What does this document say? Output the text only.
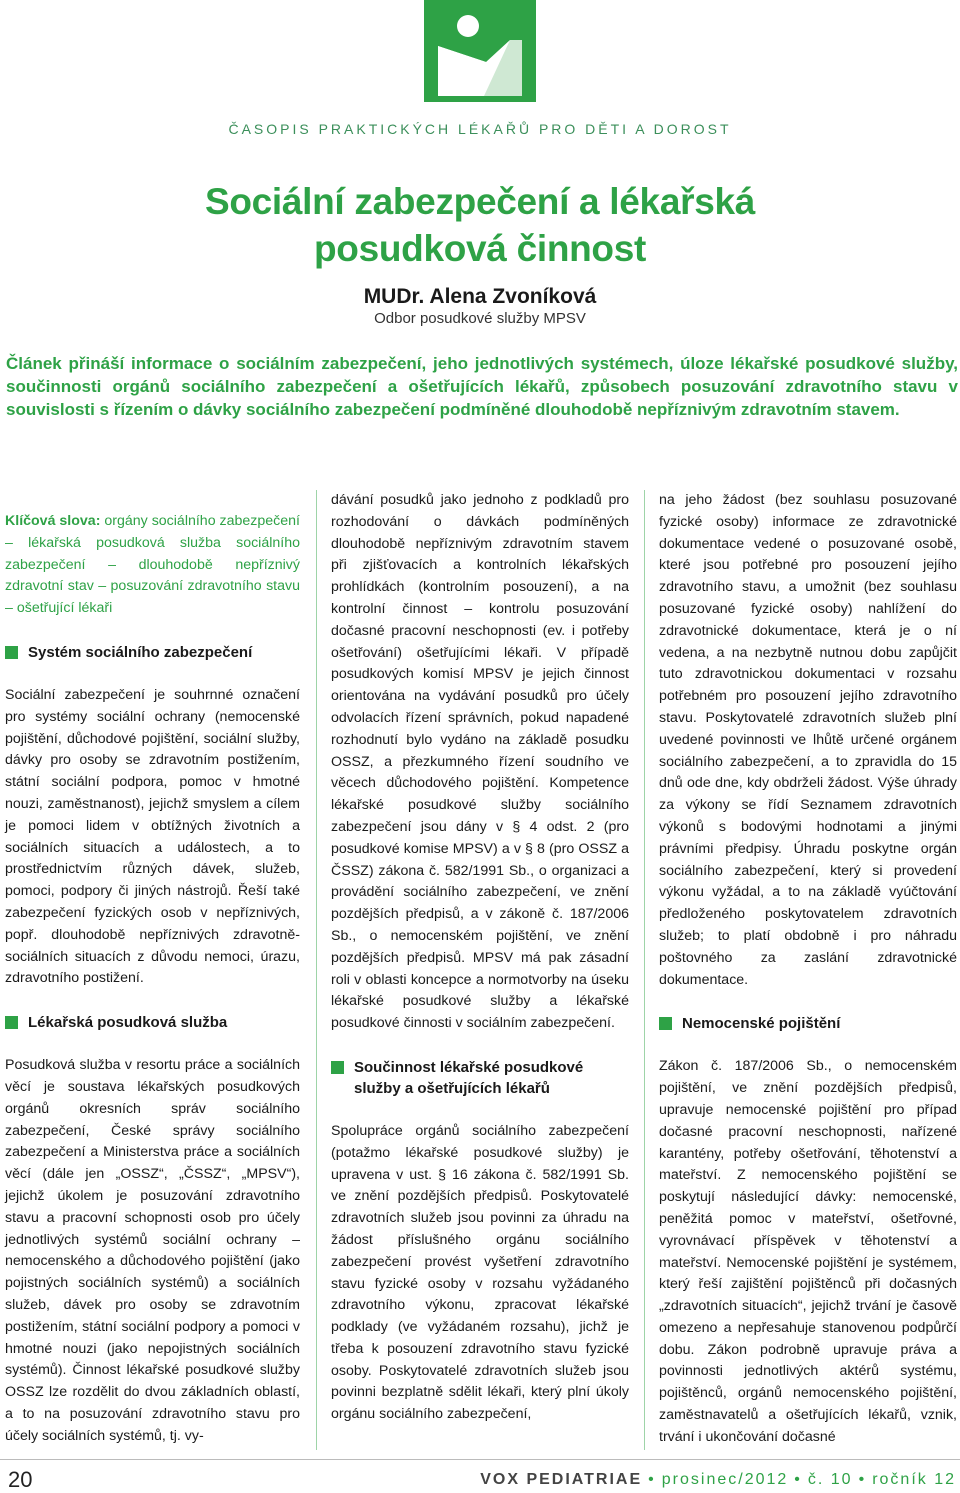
ČASOPIS PRAKTICKÝCH LÉKAŘŮ PRO DĚTI A DOROST
Sociální zabezpečení a lékařská
posudková činnost
MUDr. Alena Zvoníková
Odbor posudkové služby MPSV
Článek přináší informace o sociálním zabezpečení, jeho jednotlivých systémech, úloze lékařské posudkové služby, součinnosti orgánů sociálního zabezpečení a ošetřujících lékařů, způsobech posuzování zdravotního stavu v souvislosti s řízením o dávky sociálního zabezpečení podmíněné dlouhodobě nepříznivým zdravotním stavem.

Klíčová slova: orgány sociálního zabezpečení – lékařská posudková služba sociálního zabezpečení – dlouhodobě nepříznivý zdravotní stav – posuzování zdravotního stavu – ošetřující lékaři

Systém sociálního zabezpečení

Sociální zabezpečení je souhrnné označení pro systémy sociální ochrany (nemocenské pojištění, důchodové pojištění, sociální služby, dávky pro osoby se zdravotním postižením, státní sociální podpora, pomoc v hmotné nouzi, zaměstnanost), jejichž smyslem a cílem je pomoci lidem v obtížných životních a sociálních situacích a událostech, a to prostřednictvím různých dávek, služeb, pomoci, podpory či jiných nástrojů. Řeší také zabezpečení fyzických osob v nepříznivých, popř. dlouhodobě nepříznivých zdravotně-sociálních situacích z důvodu nemoci, úrazu, zdravotního postižení.

Lékařská posudková služba

Posudková služba v resortu práce a sociálních věcí je soustava lékařských posudkových orgánů okresních správ sociálního zabezpečení, České správy sociálního zabezpečení a Ministerstva práce a sociálních věcí (dále jen „OSSZ“, „ČSSZ“, „MPSV“), jejichž úkolem je posuzování zdravotního stavu a pracovní schopnosti osob pro účely jednotlivých systémů sociální ochrany – nemocenského a důchodového pojištění (jako pojistných sociálních systémů) a sociálních služeb, dávek pro osoby se zdravotním postižením, státní sociální podpory a pomoci v hmotné nouzi (jako nepojistných sociálních systémů). Činnost lékařské posudkové služby OSSZ lze rozdělit do dvou základních oblastí, a to na posuzování zdravotního stavu pro účely sociálních systémů, tj. vy-

dávání posudků jako jednoho z podkladů pro rozhodování o dávkách podmíněných dlouhodobě nepříznivým zdravotním stavem při zjišťovacích a kontrolních lékařských prohlídkách (kontrolním posouzení), a na kontrolní činnost – kontrolu posuzování dočasné pracovní neschopnosti (ev. i potřeby ošetřování) ošetřujícími lékaři. V případě posudkových komisí MPSV je jejich činnost orientována na vydávání posudků pro účely odvolacích řízení správních, pokud napadené rozhodnutí bylo vydáno na základě posudku OSSZ, a přezkumného řízení soudního ve věcech důchodového pojištění. Kompetence lékařské posudkové služby sociálního zabezpečení jsou dány v § 4 odst. 2 (pro posudkové komise MPSV) a v § 8 (pro OSSZ a ČSSZ) zákona č. 582/1991 Sb., o organizaci a provádění sociálního zabezpečení, ve znění pozdějších předpisů, a v zákoně č. 187/2006 Sb., o nemocenském pojištění, ve znění pozdějších předpisů. MPSV má pak zásadní roli v oblasti koncepce a normotvorby na úseku lékařské posudkové služby a lékařské posudkové činnosti v sociálním zabezpečení.

Součinnost lékařské posudkové služby a ošetřujících lékařů

Spolupráce orgánů sociálního zabezpečení (potažmo lékařské posudkové služby) je upravena v ust. § 16 zákona č. 582/1991 Sb. ve znění pozdějších předpisů. Poskytovatelé zdravotních služeb jsou povinni za úhradu na žádost příslušného orgánu sociálního zabezpečení provést vyšetření zdravotního stavu fyzické osoby v rozsahu vyžádaného zdravotního výkonu, zpracovat lékařské podklady (ve vyžádaném rozsahu), jichž je třeba k posouzení zdravotního stavu fyzické osoby. Poskytovatelé zdravotních služeb jsou povinni bezplatně sdělit lékaři, který plní úkoly orgánu sociálního zabezpečení,

na jeho žádost (bez souhlasu posuzované fyzické osoby) informace ze zdravotnické dokumentace vedené o posuzované osobě, které jsou potřebné pro posouzení jejího zdravotního stavu, a umožnit (bez souhlasu posuzované fyzické osoby) nahlížení do zdravotnické dokumentace, která je o ní vedena, a na nezbytně nutnou dobu zapůjčit tuto zdravotnickou dokumentaci v rozsahu potřebném pro posouzení jejího zdravotního stavu. Poskytovatelé zdravotních služeb plní uvedené povinnosti ve lhůtě určené orgánem sociálního zabezpečení, a to zpravidla do 15 dnů ode dne, kdy obdrželi žádost. Výše úhrady za výkony se řídí Seznamem zdravotních výkonů s bodovými hodnotami a jinými právními předpisy. Úhradu poskytne orgán sociálního zabezpečení, který si provedení výkonu vyžádal, a to na základě vyúčtování předloženého poskytovatelem zdravotních služeb; to platí obdobně i pro náhradu poštovného za zaslání zdravotnické dokumentace.

Nemocenské pojištění

Zákon č. 187/2006 Sb., o nemocenském pojištění, ve znění pozdějších předpisů, upravuje nemocenské pojištění pro případ dočasné pracovní neschopnosti, nařízené karantény, potřeby ošetřování, těhotenství a mateřství. Z nemocenského pojištění se poskytují následující dávky: nemocenské, peněžitá pomoc v mateřství, ošetřovné, vyrovnávací příspěvek v těhotenství a mateřství. Nemocenské pojištění je systémem, který řeší zajištění pojištěnců při dočasných „zdravotních situacích“, jejichž trvání je časově omezeno a nepřesahuje stanovenou podpůrčí dobu. Zákon podrobně upravuje práva a povinnosti jednotlivých aktérů systému, pojištěnců, orgánů nemocenského pojištění, zaměstnavatelů a ošetřujících lékařů, vznik, trvání i ukončování dočasné

20	VOX PEDIATRIAE • prosinec/2012 • č. 10 • ročník 12
